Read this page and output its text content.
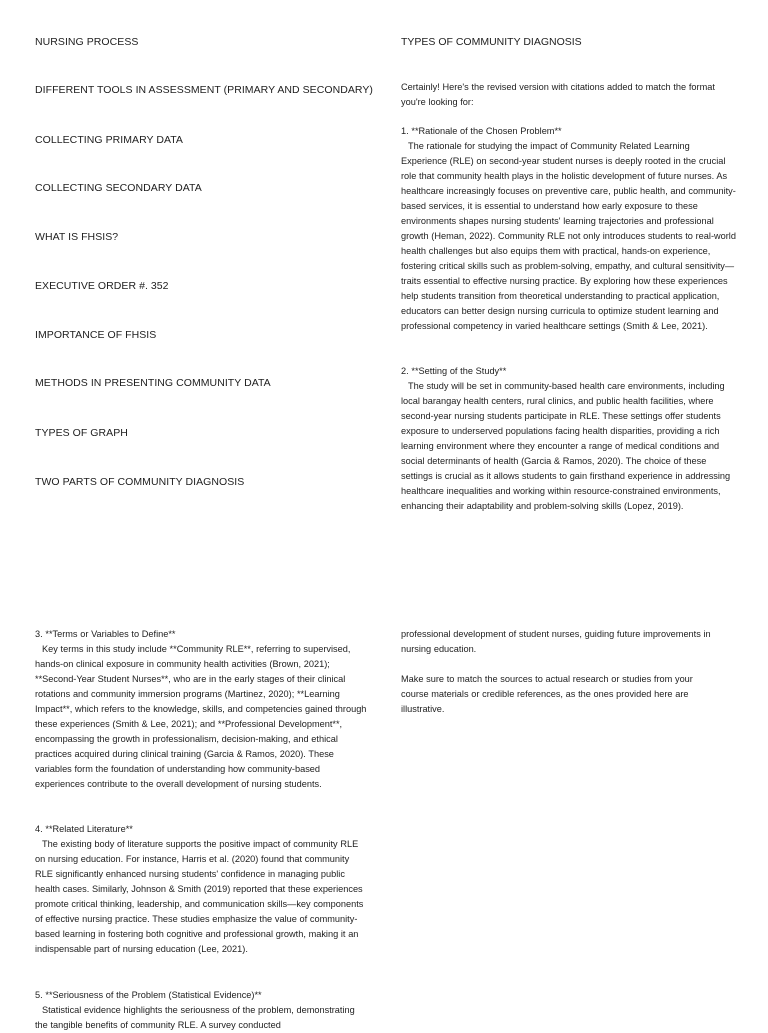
NURSING PROCESS
DIFFERENT TOOLS IN ASSESSMENT (PRIMARY AND SECONDARY)
COLLECTING PRIMARY DATA
COLLECTING SECONDARY DATA
WHAT IS FHSIS?
EXECUTIVE ORDER #. 352
IMPORTANCE OF FHSIS
METHODS IN PRESENTING COMMUNITY DATA
TYPES OF GRAPH
TWO PARTS OF COMMUNITY DIAGNOSIS
TYPES OF COMMUNITY DIAGNOSIS
Certainly! Here's the revised version with citations added to match the format you're looking for:
1. **Rationale of the Chosen Problem**
The rationale for studying the impact of Community Related Learning Experience (RLE) on second-year student nurses is deeply rooted in the crucial role that community health plays in the holistic development of future nurses. As healthcare increasingly focuses on preventive care, public health, and community-based services, it is essential to understand how early exposure to these environments shapes nursing students' learning trajectories and professional growth (Heman, 2022). Community RLE not only introduces students to real-world health challenges but also equips them with practical, hands-on experience, fostering critical skills such as problem-solving, empathy, and cultural sensitivity—traits essential to effective nursing practice. By exploring how these experiences help students transition from theoretical understanding to practical application, educators can better design nursing curricula to optimize student learning and professional competency in varied healthcare settings (Smith & Lee, 2021).
2. **Setting of the Study**
The study will be set in community-based health care environments, including local barangay health centers, rural clinics, and public health facilities, where second-year nursing students participate in RLE. These settings offer students exposure to underserved populations facing health disparities, providing a rich learning environment where they encounter a range of medical conditions and social determinants of health (Garcia & Ramos, 2020). The choice of these settings is crucial as it allows students to gain firsthand experience in addressing healthcare inequalities and working within resource-constrained environments, enhancing their adaptability and problem-solving skills (Lopez, 2019).
3. **Terms or Variables to Define**
Key terms in this study include **Community RLE**, referring to supervised, hands-on clinical exposure in community health activities (Brown, 2021); **Second-Year Student Nurses**, who are in the early stages of their clinical rotations and community immersion programs (Martinez, 2020); **Learning Impact**, which refers to the knowledge, skills, and competencies gained through these experiences (Smith & Lee, 2021); and **Professional Development**, encompassing the growth in professionalism, decision-making, and ethical practices acquired during clinical training (Garcia & Ramos, 2020). These variables form the foundation of understanding how community-based experiences contribute to the overall development of nursing students.
4. **Related Literature**
The existing body of literature supports the positive impact of community RLE on nursing education. For instance, Harris et al. (2020) found that community RLE significantly enhanced nursing students' confidence in managing public health cases. Similarly, Johnson & Smith (2019) reported that these experiences promote critical thinking, leadership, and communication skills—key components of effective nursing practice. These studies emphasize the value of community-based learning in fostering both cognitive and professional growth, making it an indispensable part of nursing education (Lee, 2021).
5. **Seriousness of the Problem (Statistical Evidence)**
Statistical evidence highlights the seriousness of the problem, demonstrating the tangible benefits of community RLE. A survey conducted
professional development of student nurses, guiding future improvements in nursing education.
Make sure to match the sources to actual research or studies from your course materials or credible references, as the ones provided here are illustrative.
